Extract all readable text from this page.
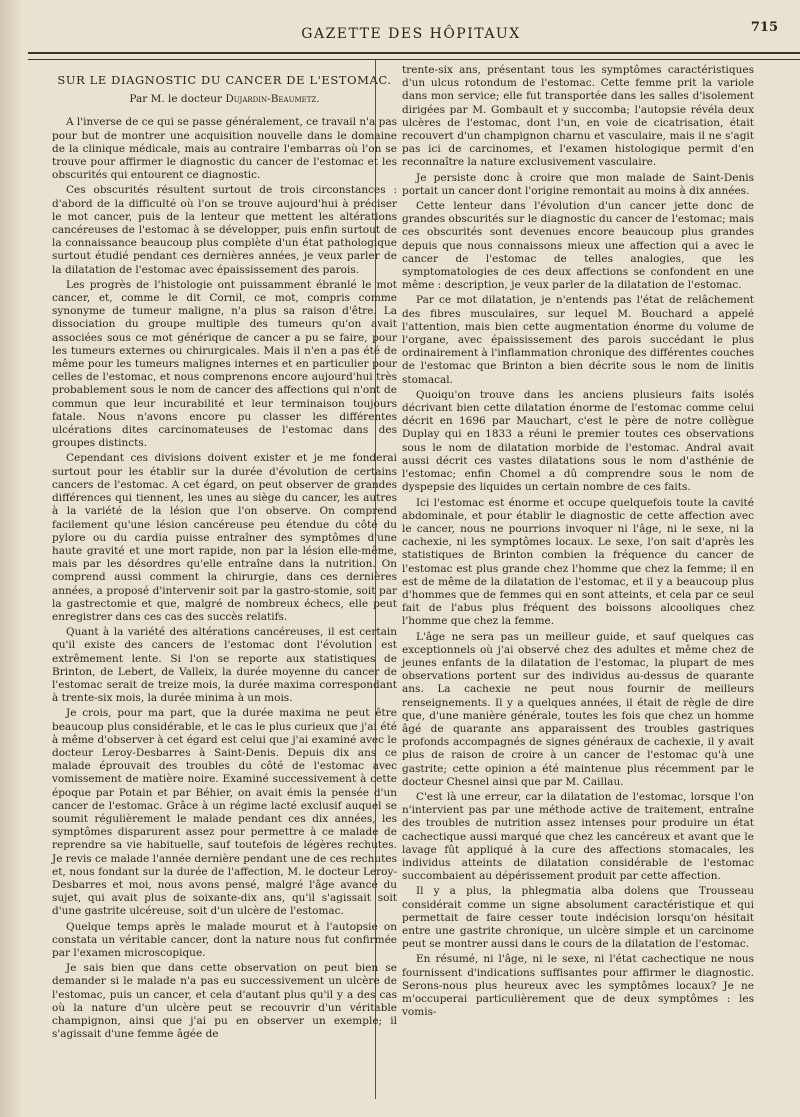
GAZETTE DES HÔPITAUX	715
SUR LE DIAGNOSTIC DU CANCER DE L'ESTOMAC.
Par M. le docteur Dujardin-Beaumetz.

A l'inverse de ce qui se passe généralement, ce travail n'a pas pour but de montrer une acquisition nouvelle dans le domaine de la clinique médicale, mais au contraire l'embarras où l'on se trouve pour affirmer le diagnostic du cancer de l'estomac et les obscurités qui entourent ce diagnostic.

Ces obscurités résultent surtout de trois circonstances : d'abord de la difficulté où l'on se trouve aujourd'hui à préciser le mot cancer, puis de la lenteur que mettent les altérations cancéreuses de l'estomac à se développer, puis enfin surtout de la connaissance beaucoup plus complète d'un état pathologique surtout étudié pendant ces dernières années, je veux parler de la dilatation de l'estomac avec épaississement des parois.

Les progrès de l'histologie ont puissamment ébranlé le mot cancer, et, comme le dit Cornil, ce mot, compris comme synonyme de tumeur maligne, n'a plus sa raison d'être. La dissociation du groupe multiple des tumeurs qu'on avait associées sous ce mot générique de cancer a pu se faire, pour les tumeurs externes ou chirurgicales. Mais il n'en a pas été de même pour les tumeurs malignes internes et en particulier pour celles de l'estomac, et nous comprenons encore aujourd'hui très probablement sous le nom de cancer des affections qui n'ont de commun que leur incurabilité et leur terminaison toujours fatale. Nous n'avons encore pu classer les différentes ulcérations dites carcinomateuses de l'estomac dans des groupes distincts.

Cependant ces divisions doivent exister et je me fonderai surtout pour les établir sur la durée d'évolution de certains cancers de l'estomac. A cet égard, on peut observer de grandes différences qui tiennent, les unes au siège du cancer, les autres à la variété de la lésion que l'on observe. On comprend facilement qu'une lésion cancéreuse peu étendue du côté du pylore ou du cardia puisse entraîner des symptômes d'une haute gravité et une mort rapide, non par la lésion elle-même, mais par les désordres qu'elle entraîne dans la nutrition. On comprend aussi comment la chirurgie, dans ces dernières années, a proposé d'intervenir soit par la gastro-stomie, soit par la gastrectomie et que, malgré de nombreux échecs, elle peut enregistrer dans ces cas des succès relatifs.

Quant à la variété des altérations cancéreuses, il est certain qu'il existe des cancers de l'estomac dont l'évolution est extrêmement lente. Si l'on se reporte aux statistiques de Brinton, de Lebert, de Valleix, la durée moyenne du cancer de l'estomac serait de treize mois, la durée maxima correspondant à trente-six mois, la durée minima à un mois.

Je crois, pour ma part, que la durée maxima ne peut être beaucoup plus considérable, et le cas le plus curieux que j'ai été à même d'observer à cet égard est celui que j'ai examiné avec le docteur Leroy-Desbarres à Saint-Denis. Depuis dix ans ce malade éprouvait des troubles du côté de l'estomac avec vomissement de matière noire. Examiné successivement à cette époque par Potain et par Béhier, on avait émis la pensée d'un cancer de l'estomac. Grâce à un régime lacté exclusif auquel se soumit régulièrement le malade pendant ces dix années, les symptômes disparurent assez pour permettre à ce malade de reprendre sa vie habituelle, sauf toutefois de légères rechutes. Je revis ce malade l'année dernière pendant une de ces rechutes et, nous fondant sur la durée de l'affection, M. le docteur Leroy-Desbarres et moi, nous avons pensé, malgré l'âge avancé du sujet, qui avait plus de soixante-dix ans, qu'il s'agissait soit d'une gastrite ulcéreuse, soit d'un ulcère de l'estomac.

Quelque temps après le malade mourut et à l'autopsie on constata un véritable cancer, dont la nature nous fut confirmée par l'examen microscopique.

Je sais bien que dans cette observation on peut bien se demander si le malade n'a pas eu successivement un ulcère de l'estomac, puis un cancer, et cela d'autant plus qu'il y a des cas où la nature d'un ulcère peut se recouvrir d'un véritable champignon, ainsi que j'ai pu en observer un exemple; il s'agissait d'une femme âgée de

trente-six ans, présentant tous les symptômes caractéristiques d'un ulcus rotondum de l'estomac. Cette femme prit la variole dans mon service; elle fut transportée dans les salles d'isolement dirigées par M. Gombault et y succomba; l'autopsie révéla deux ulcères de l'estomac, dont l'un, en voie de cicatrisation, était recouvert d'un champignon charnu et vasculaire, mais il ne s'agit pas ici de carcinomes, et l'examen histologique permit d'en reconnaître la nature exclusivement vasculaire.

Je persiste donc à croire que mon malade de Saint-Denis portait un cancer dont l'origine remontait au moins à dix années.

Cette lenteur dans l'évolution d'un cancer jette donc de grandes obscurités sur le diagnostic du cancer de l'estomac; mais ces obscurités sont devenues encore beaucoup plus grandes depuis que nous connaissons mieux une affection qui a avec le cancer de l'estomac de telles analogies, que les symptomatologies de ces deux affections se confondent en une même : description, je veux parler de la dilatation de l'estomac.

Par ce mot dilatation, je n'entends pas l'état de relâchement des fibres musculaires, sur lequel M. Bouchard a appelé l'attention, mais bien cette augmentation énorme du volume de l'organe, avec épaississement des parois succédant le plus ordinairement à l'inflammation chronique des différentes couches de l'estomac que Brinton a bien décrite sous le nom de linitis stomacal.

Quoiqu'on trouve dans les anciens plusieurs faits isolés décrivant bien cette dilatation énorme de l'estomac comme celui décrit en 1696 par Mauchart, c'est le père de notre collègue Duplay qui en 1833 a réuni le premier toutes ces observations sous le nom de dilatation morbide de l'estomac. Andral avait aussi décrit ces vastes dilatations sous le nom d'asthénie de l'estomac; enfin Chomel a dû comprendre sous le nom de dyspepsie des liquides un certain nombre de ces faits.

Ici l'estomac est énorme et occupe quelquefois toute la cavité abdominale, et pour établir le diagnostic de cette affection avec le cancer, nous ne pourrions invoquer ni l'âge, ni le sexe, ni la cachexie, ni les symptômes locaux. Le sexe, l'on sait d'après les statistiques de Brinton combien la fréquence du cancer de l'estomac est plus grande chez l'homme que chez la femme; il en est de même de la dilatation de l'estomac, et il y a beaucoup plus d'hommes que de femmes qui en sont atteints, et cela par ce seul fait de l'abus plus fréquent des boissons alcooliques chez l'homme que chez la femme.

L'âge ne sera pas un meilleur guide, et sauf quelques cas exceptionnels où j'ai observé chez des adultes et même chez de jeunes enfants de la dilatation de l'estomac, la plupart de mes observations portent sur des individus au-dessus de quarante ans. La cachexie ne peut nous fournir de meilleurs renseignements. Il y a quelques années, il était de règle de dire que, d'une manière générale, toutes les fois que chez un homme âgé de quarante ans apparaissent des troubles gastriques profonds accompagnés de signes généraux de cachexie, il y avait plus de raison de croire à un cancer de l'estomac qu'à une gastrite; cette opinion a été maintenue plus récemment par le docteur Chesnel ainsi que par M. Caillau.

C'est là une erreur, car la dilatation de l'estomac, lorsque l'on n'intervient pas par une méthode active de traitement, entraîne des troubles de nutrition assez intenses pour produire un état cachectique aussi marqué que chez les cancéreux et avant que le lavage fût appliqué à la cure des affections stomacales, les individus atteints de dilatation considérable de l'estomac succombaient au dépérissement produit par cette affection.

Il y a plus, la phlegmatia alba dolens que Trousseau considérait comme un signe absolument caractéristique et qui permettait de faire cesser toute indécision lorsqu'on hésitait entre une gastrite chronique, un ulcère simple et un carcinome peut se montrer aussi dans le cours de la dilatation de l'estomac.

En résumé, ni l'âge, ni le sexe, ni l'état cachectique ne nous fournissent d'indications suffisantes pour affirmer le diagnostic. Serons-nous plus heureux avec les symptômes locaux? Je ne m'occuperai particulièrement que de deux symptômes : les vomis-
